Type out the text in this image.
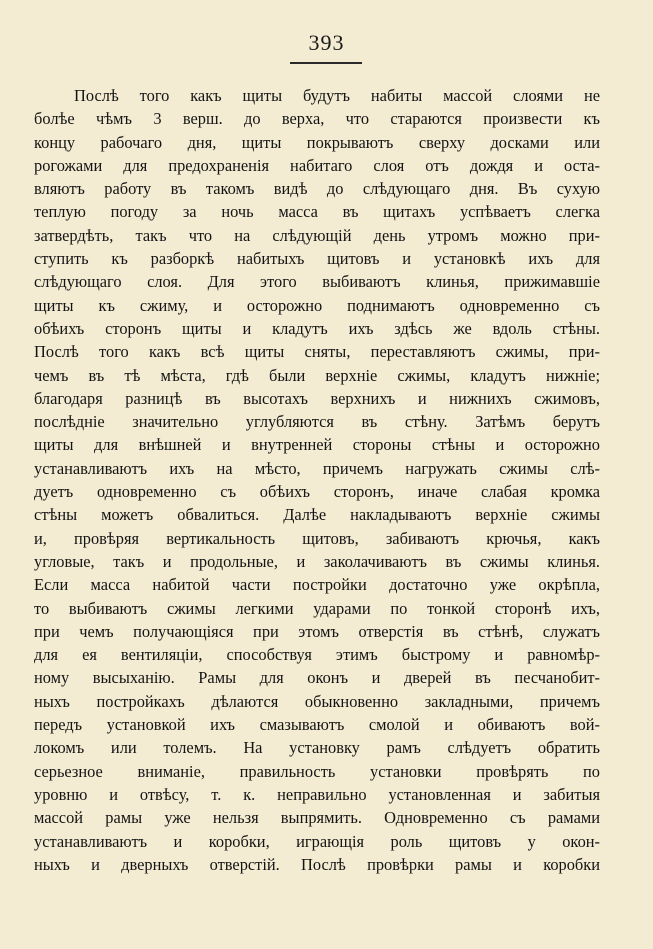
393
Послѣ того какъ щиты будутъ набиты массой слоями не
болѣе чѣмъ 3 верш. до верха, что стараются произвести къ
концу рабочаго дня, щиты покрываютъ сверху досками или
рогожами для предохраненія набитаго слоя отъ дождя и оста-
вляютъ работу въ такомъ видѣ до слѣдующаго дня. Въ сухую
теплую погоду за ночь масса въ щитахъ успѣваетъ слегка
затвердѣть, такъ что на слѣдующій день утромъ можно при-
ступить къ разборкѣ набитыхъ щитовъ и установкѣ ихъ для
слѣдующаго слоя. Для этого выбиваютъ клинья, прижимавшіе
щиты къ сжиму, и осторожно поднимаютъ одновременно съ
обѣихъ сторонъ щиты и кладутъ ихъ здѣсь же вдоль стѣны.
Послѣ того какъ всѣ щиты сняты, переставляютъ сжимы, при-
чемъ въ тѣ мѣста, гдѣ были верхніе сжимы, кладутъ нижніе;
благодаря разницѣ въ высотахъ верхнихъ и нижнихъ сжимовъ,
послѣдніе значительно углубляются въ стѣну. Затѣмъ берутъ
щиты для внѣшней и внутренней стороны стѣны и осторожно
устанавливаютъ ихъ на мѣсто, причемъ нагружать сжимы слѣ-
дуетъ одновременно съ обѣихъ сторонъ, иначе слабая кромка
стѣны можетъ обвалиться. Далѣе накладываютъ верхніе сжимы
и, провѣряя вертикальность щитовъ, забиваютъ крючья, какъ
угловые, такъ и продольные, и заколачиваютъ въ сжимы клинья.
Если масса набитой части постройки достаточно уже окрѣпла,
то выбиваютъ сжимы легкими ударами по тонкой сторонѣ ихъ,
при чемъ получающіяся при этомъ отверстія въ стѣнѣ, служатъ
для ея вентиляціи, способствуя этимъ быстрому и равномѣр-
ному высыханію. Рамы для оконъ и дверей въ песчанобит-
ныхъ постройкахъ дѣлаются обыкновенно закладными, причемъ
передъ установкой ихъ смазываютъ смолой и обиваютъ вой-
локомъ или толемъ. На установку рамъ слѣдуетъ обратить
серьезное вниманіе, правильность установки провѣрять по
уровню и отвѣсу, т. к. неправильно установленная и забитыя
массой рамы уже нельзя выпрямить. Одновременно съ рамами
устанавливаютъ и коробки, играющія роль щитовъ у окон-
ныхъ и дверныхъ отверстій. Послѣ провѣрки рамы и коробки
